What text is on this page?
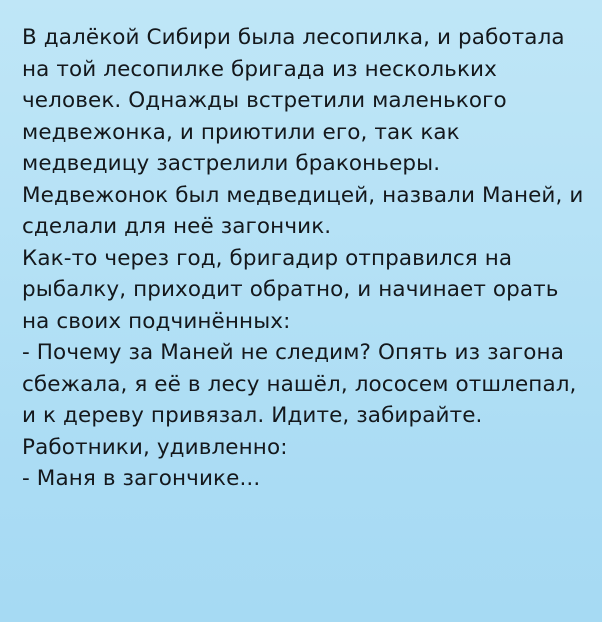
В далёкой Сибири была лесопилка, и работала на той лесопилке бригада из нескольких человек. Однажды встретили маленького медвежонка, и приютили его, так как медведицу застрелили браконьеры. Медвежонок был медведицей, назвали Маней, и сделали для неё загончик.

Как-то через год, бригадир отправился на рыбалку, приходит обратно, и начинает орать на своих подчинённых:

- Почему за Маней не следим? Опять из загона сбежала, я её в лесу нашёл, лососем отшлепал, и к дереву привязал. Идите, забирайте.

Работники, удивленно:

- Маня в загончике...
